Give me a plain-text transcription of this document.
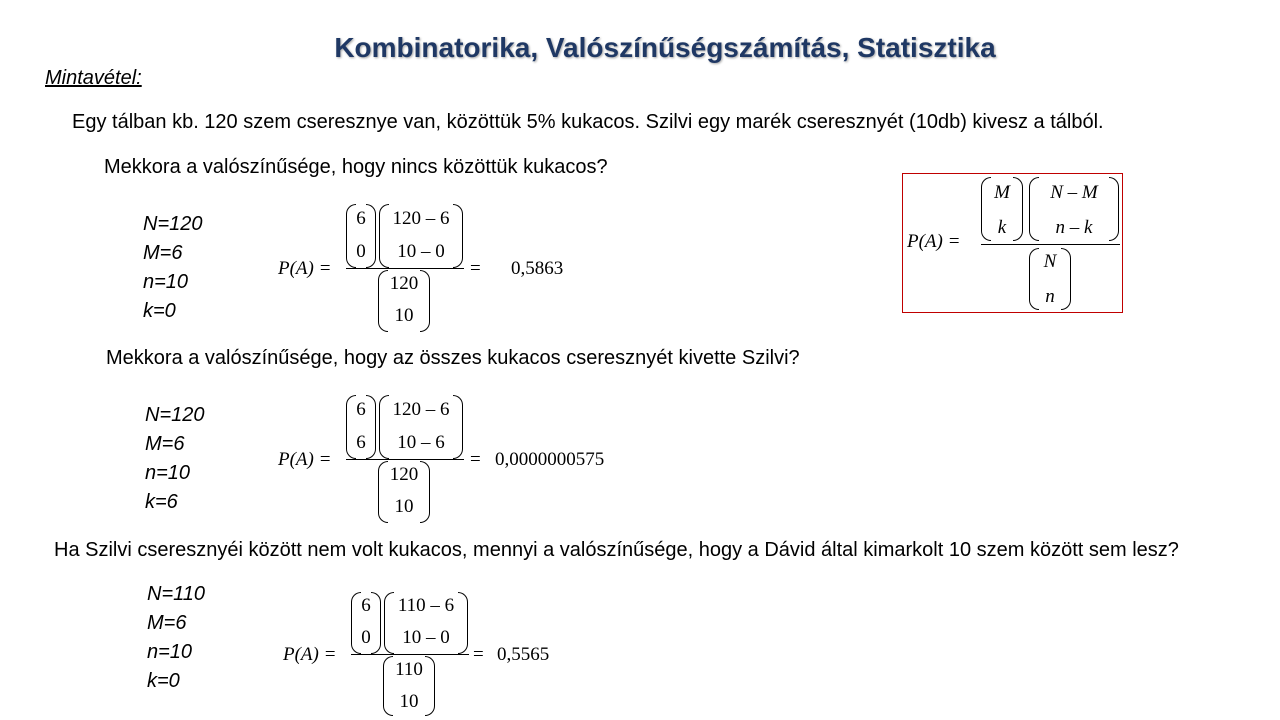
Kombinatorika, Valószínűségszámítás, Statisztika
Mintavétel:
Egy tálban kb. 120 szem cseresznye van, közöttük 5% kukacos. Szilvi egy marék cseresznyét (10db) kivesz a tálból.
P(A) =
M
k
N – M
n – k
N
n
Mekkora a valószínűsége, hogy nincs közöttük kukacos?
N=120
M=6
n=10
k=0
P(A) =
6
0
120 – 6
10 – 0
120
10
= 0,5863
Mekkora a valószínűsége, hogy az összes kukacos cseresznyét kivette Szilvi?
N=120
M=6
n=10
k=6
P(A) =
6
6
120 – 6
10 – 6
120
10
= 0,0000000575
Ha Szilvi cseresznyéi között nem volt kukacos, mennyi a valószínűsége, hogy a Dávid által kimarkolt 10 szem között sem lesz?
N=110
M=6
n=10
k=0
P(A) =
6
0
110 – 6
10 – 0
110
10
= 0,5565
